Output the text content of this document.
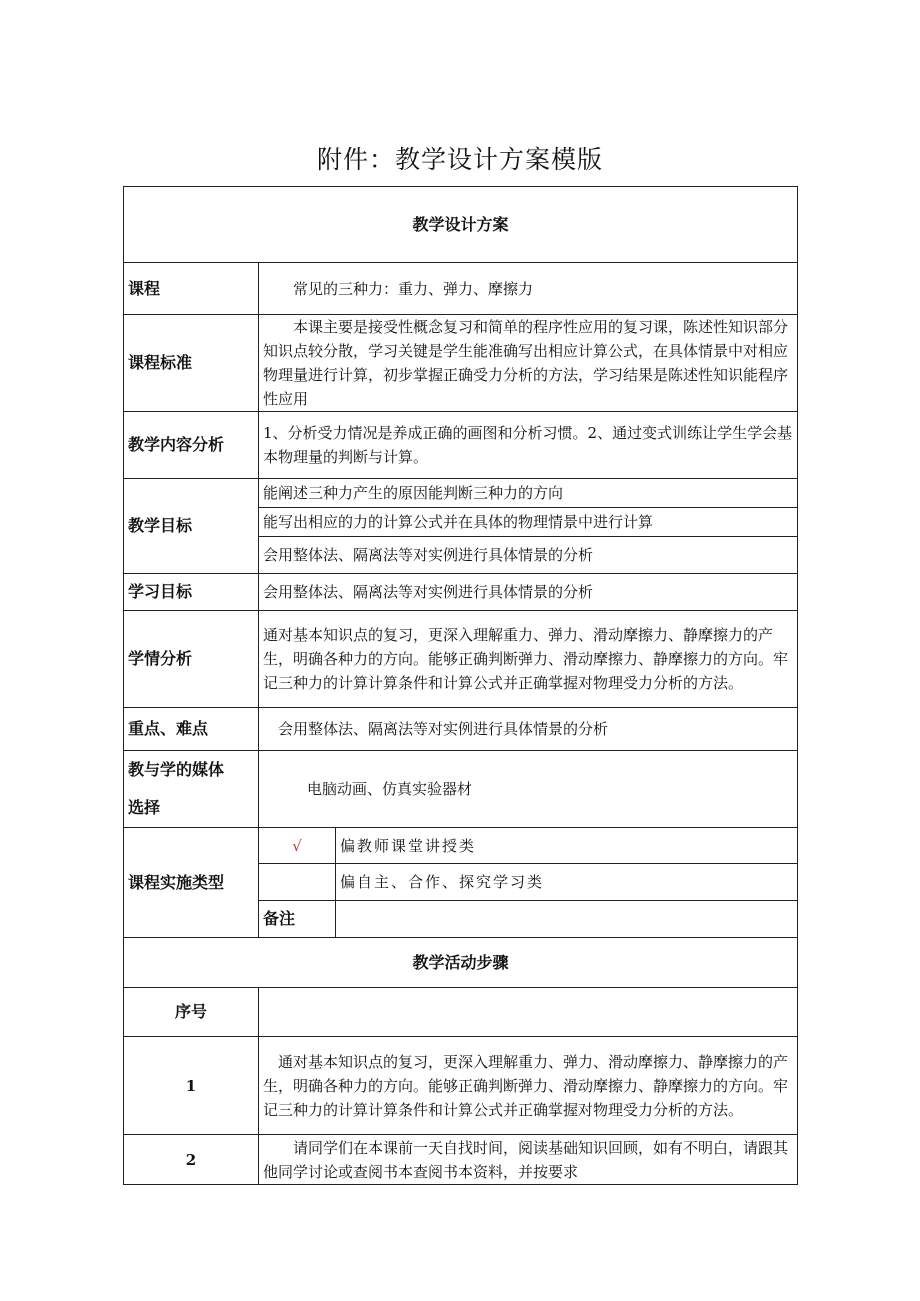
附件：教学设计方案模版
教学设计方案		
课程	常见的三种力：重力、弹力、摩擦力	
课程标准	本课主要是接受性概念复习和简单的程序性应用的复习课，陈述性知识部分知识点较分散，学习关键是学生能准确写出相应计算公式，在具体情景中对相应物理量进行计算，初步掌握正确受力分析的方法，学习结果是陈述性知识能程序性应用	
教学内容分析	1、分析受力情况是养成正确的画图和分析习惯。2、通过变式训练让学生学会基本物理量的判断与计算。	
教学目标	能阐述三种力产生的原因能判断三种力的方向	
	能写出相应的力的计算公式并在具体的物理情景中进行计算	
	会用整体法、隔离法等对实例进行具体情景的分析	
学习目标	会用整体法、隔离法等对实例进行具体情景的分析	
学情分析	通对基本知识点的复习，更深入理解重力、弹力、滑动摩擦力、静摩擦力的产生，明确各种力的方向。能够正确判断弹力、滑动摩擦力、静摩擦力的方向。牢记三种力的计算计算条件和计算公式并正确掌握对物理受力分析的方法。	
重点、难点	会用整体法、隔离法等对实例进行具体情景的分析	

教与学的媒体
选择	电脑动画、仿真实验器材	
课程实施类型	√	偏教师课堂讲授类
		偏自主、合作、探究学习类
	备注	
教学活动步骤		
序号		
1	通对基本知识点的复习，更深入理解重力、弹力、滑动摩擦力、静摩擦力的产生，明确各种力的方向。能够正确判断弹力、滑动摩擦力、静摩擦力的方向。牢记三种力的计算计算条件和计算公式并正确掌握对物理受力分析的方法。	
2	请同学们在本课前一天自找时间，阅读基础知识回顾，如有不明白，请跟其他同学讨论或查阅书本查阅书本资料，并按要求	
